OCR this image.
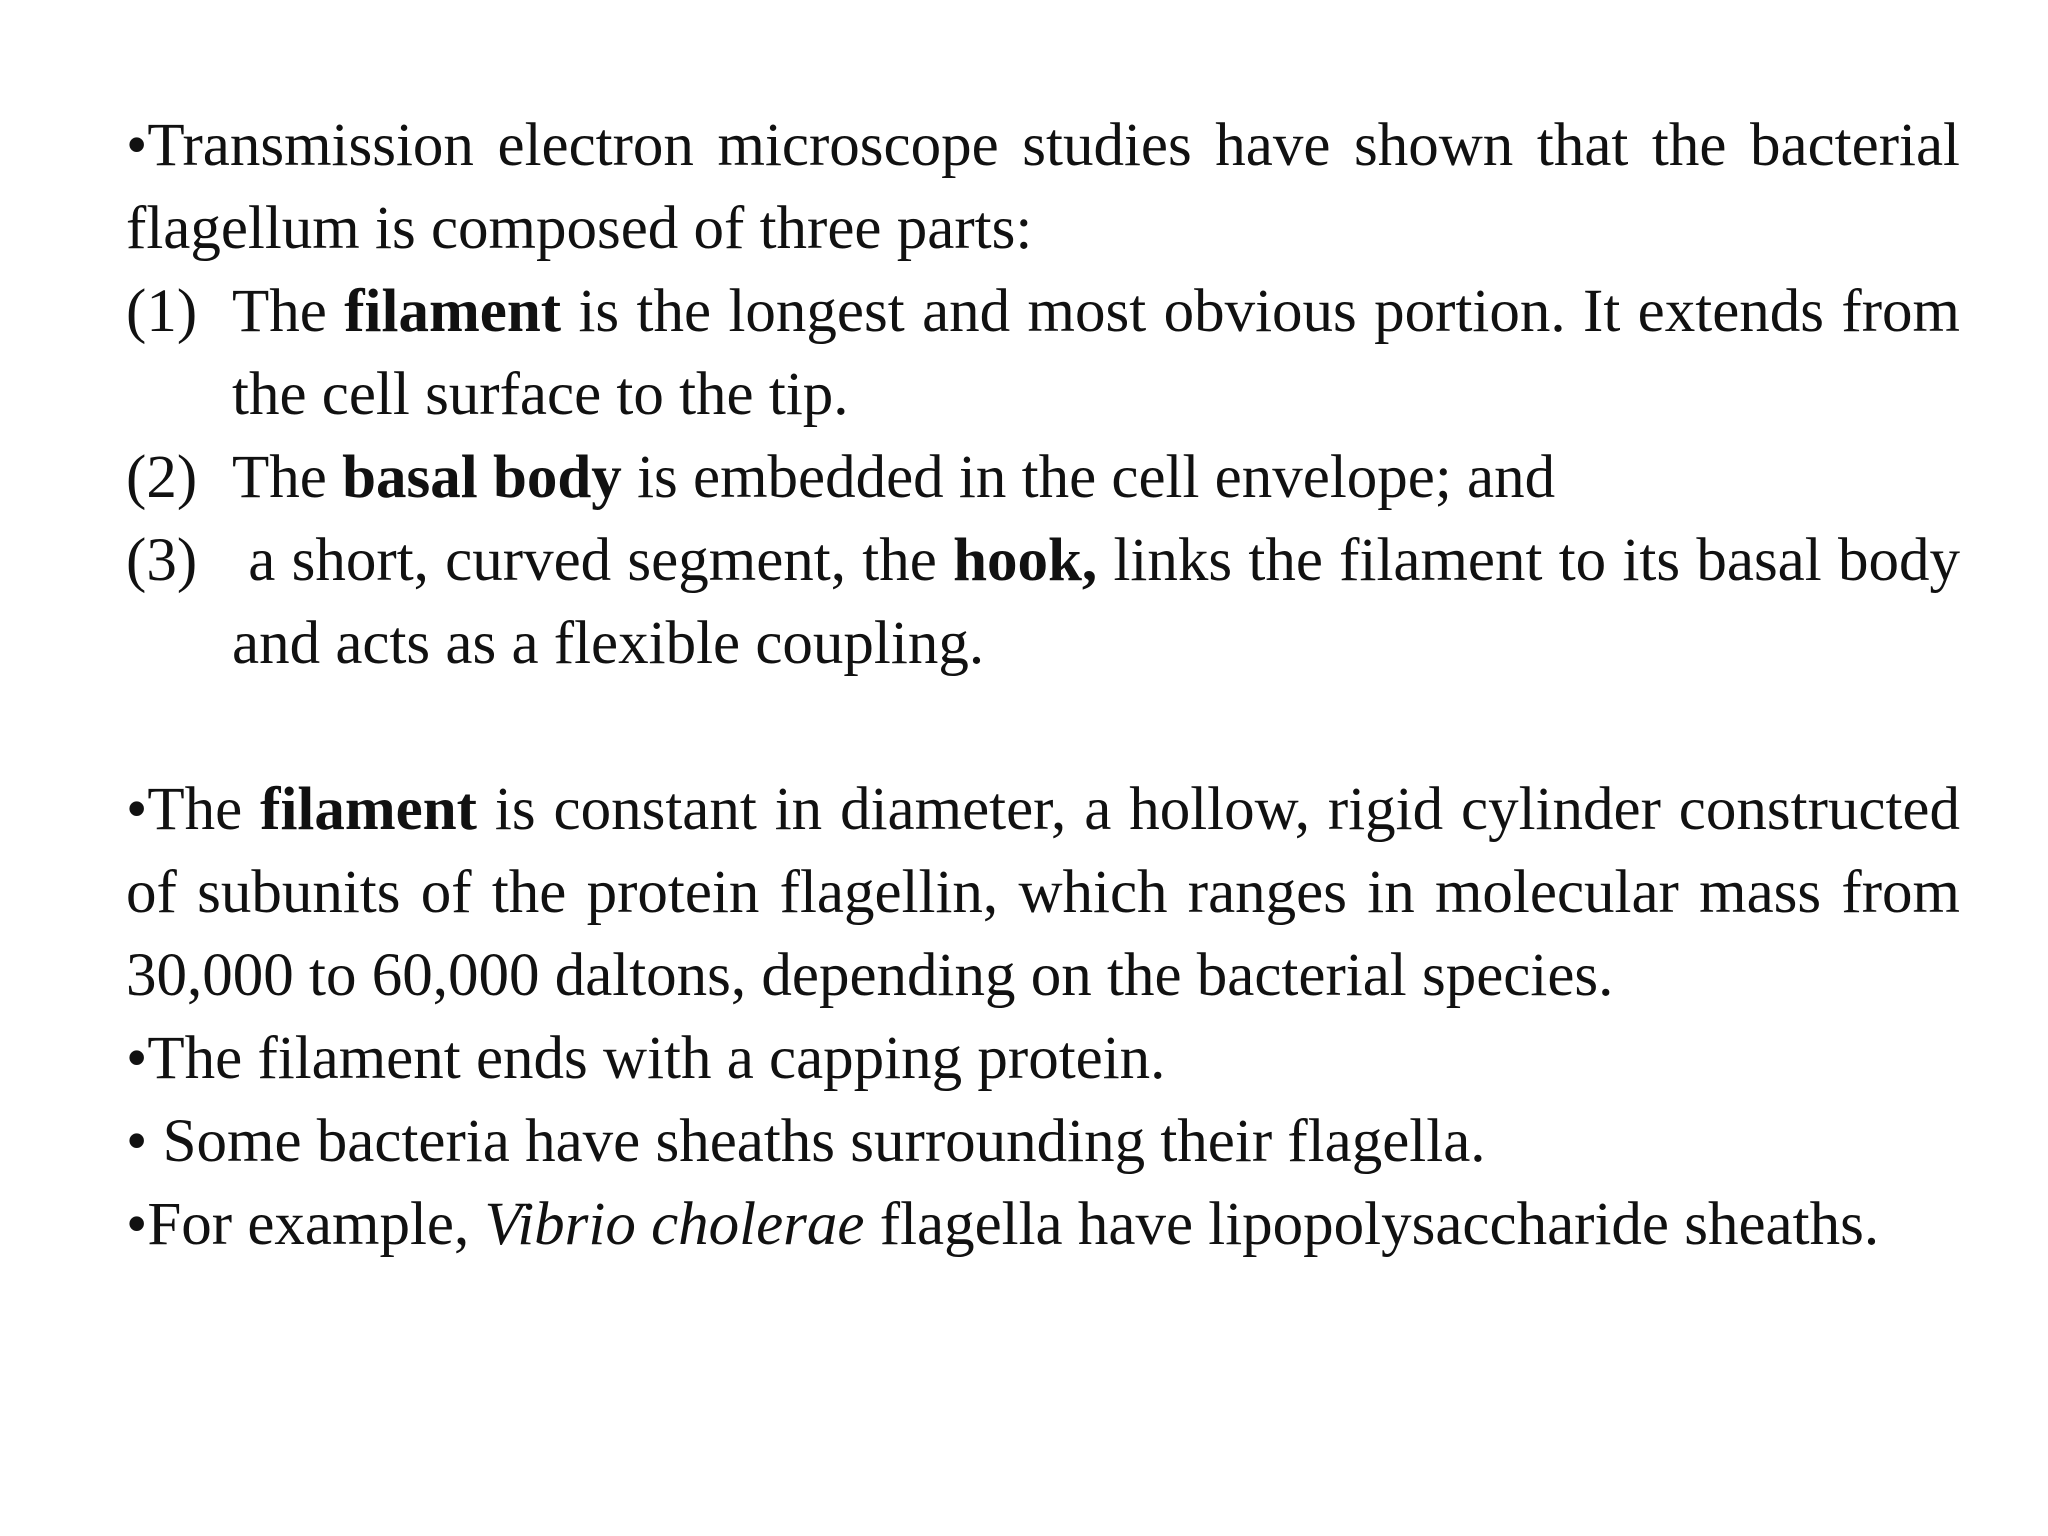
•Transmission electron microscope studies have shown that the bacterial flagellum is composed of three parts:

(1) The filament is the longest and most obvious portion. It extends from the cell surface to the tip.
(2) The basal body is embedded in the cell envelope; and
(3) a short, curved segment, the hook, links the filament to its basal body and acts as a flexible coupling.

•The filament is constant in diameter, a hollow, rigid cylinder constructed of subunits of the protein flagellin, which ranges in molecular mass from 30,000 to 60,000 daltons, depending on the bacterial species.

•The filament ends with a capping protein.

• Some bacteria have sheaths surrounding their flagella.

•For example, Vibrio cholerae flagella have lipopolysaccharide sheaths.
